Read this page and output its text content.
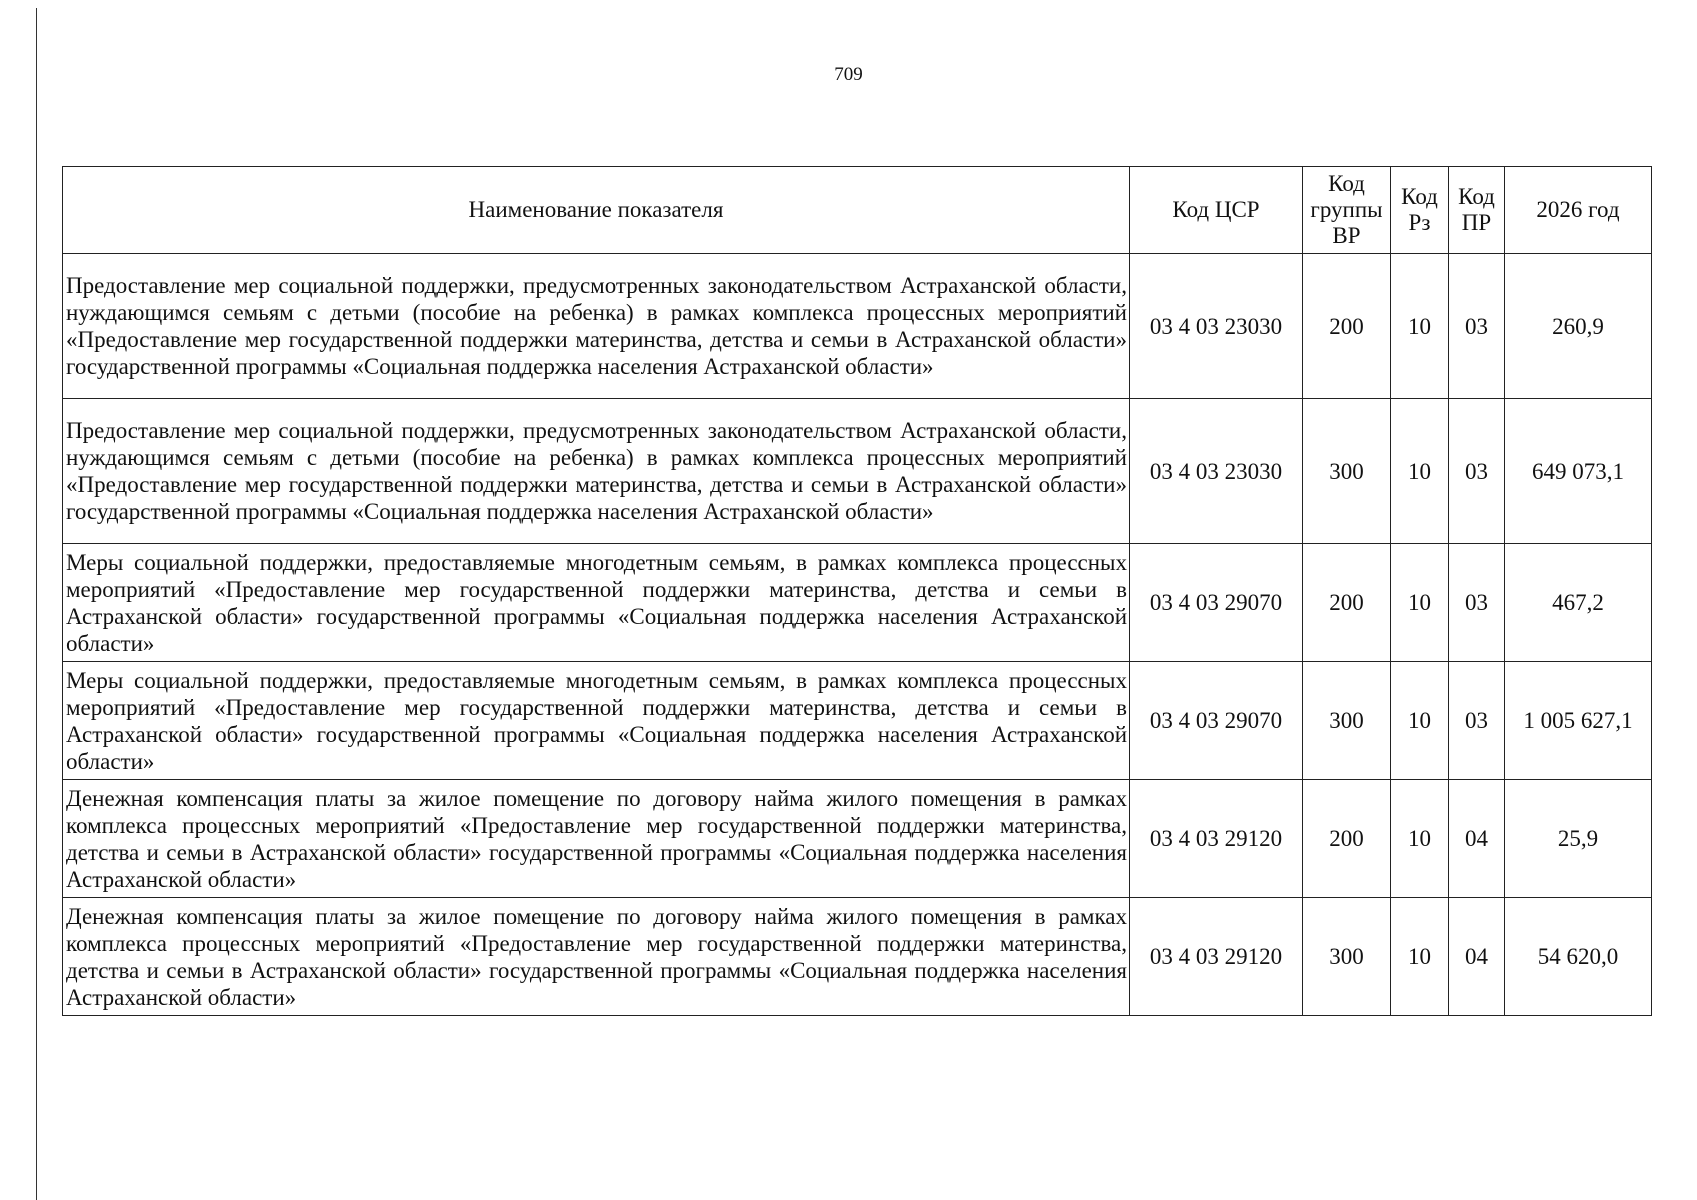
709
Наименование показателя	Код ЦСР	Код группы ВР	Код Рз	Код ПР	2026 год
Предоставление мер социальной поддержки, предусмотренных законодательством Астраханской области, нуждающимся семьям с детьми (пособие на ребенка) в рамках комплекса процессных мероприятий «Предоставление мер государственной поддержки материнства, детства и семьи в Астраханской области» государственной программы «Социальная поддержка населения Астраханской области»	03 4 03 23030	200	10	03	260,9
Предоставление мер социальной поддержки, предусмотренных законодательством Астраханской области, нуждающимся семьям с детьми (пособие на ребенка) в рамках комплекса процессных мероприятий «Предоставление мер государственной поддержки материнства, детства и семьи в Астраханской области» государственной программы «Социальная поддержка населения Астраханской области»	03 4 03 23030	300	10	03	649 073,1
Меры социальной поддержки, предоставляемые многодетным семьям, в рамках комплекса процессных мероприятий «Предоставление мер государственной поддержки материнства, детства и семьи в Астраханской области» государственной программы «Социальная поддержка населения Астраханской области»	03 4 03 29070	200	10	03	467,2
Меры социальной поддержки, предоставляемые многодетным семьям, в рамках комплекса процессных мероприятий «Предоставление мер государственной поддержки материнства, детства и семьи в Астраханской области» государственной программы «Социальная поддержка населения Астраханской области»	03 4 03 29070	300	10	03	1 005 627,1
Денежная компенсация платы за жилое помещение по договору найма жилого помещения в рамках комплекса процессных мероприятий «Предоставление мер государственной поддержки материнства, детства и семьи в Астраханской области» государственной программы «Социальная поддержка населения Астраханской области»	03 4 03 29120	200	10	04	25,9
Денежная компенсация платы за жилое помещение по договору найма жилого помещения в рамках комплекса процессных мероприятий «Предоставление мер государственной поддержки материнства, детства и семьи в Астраханской области» государственной программы «Социальная поддержка населения Астраханской области»	03 4 03 29120	300	10	04	54 620,0
